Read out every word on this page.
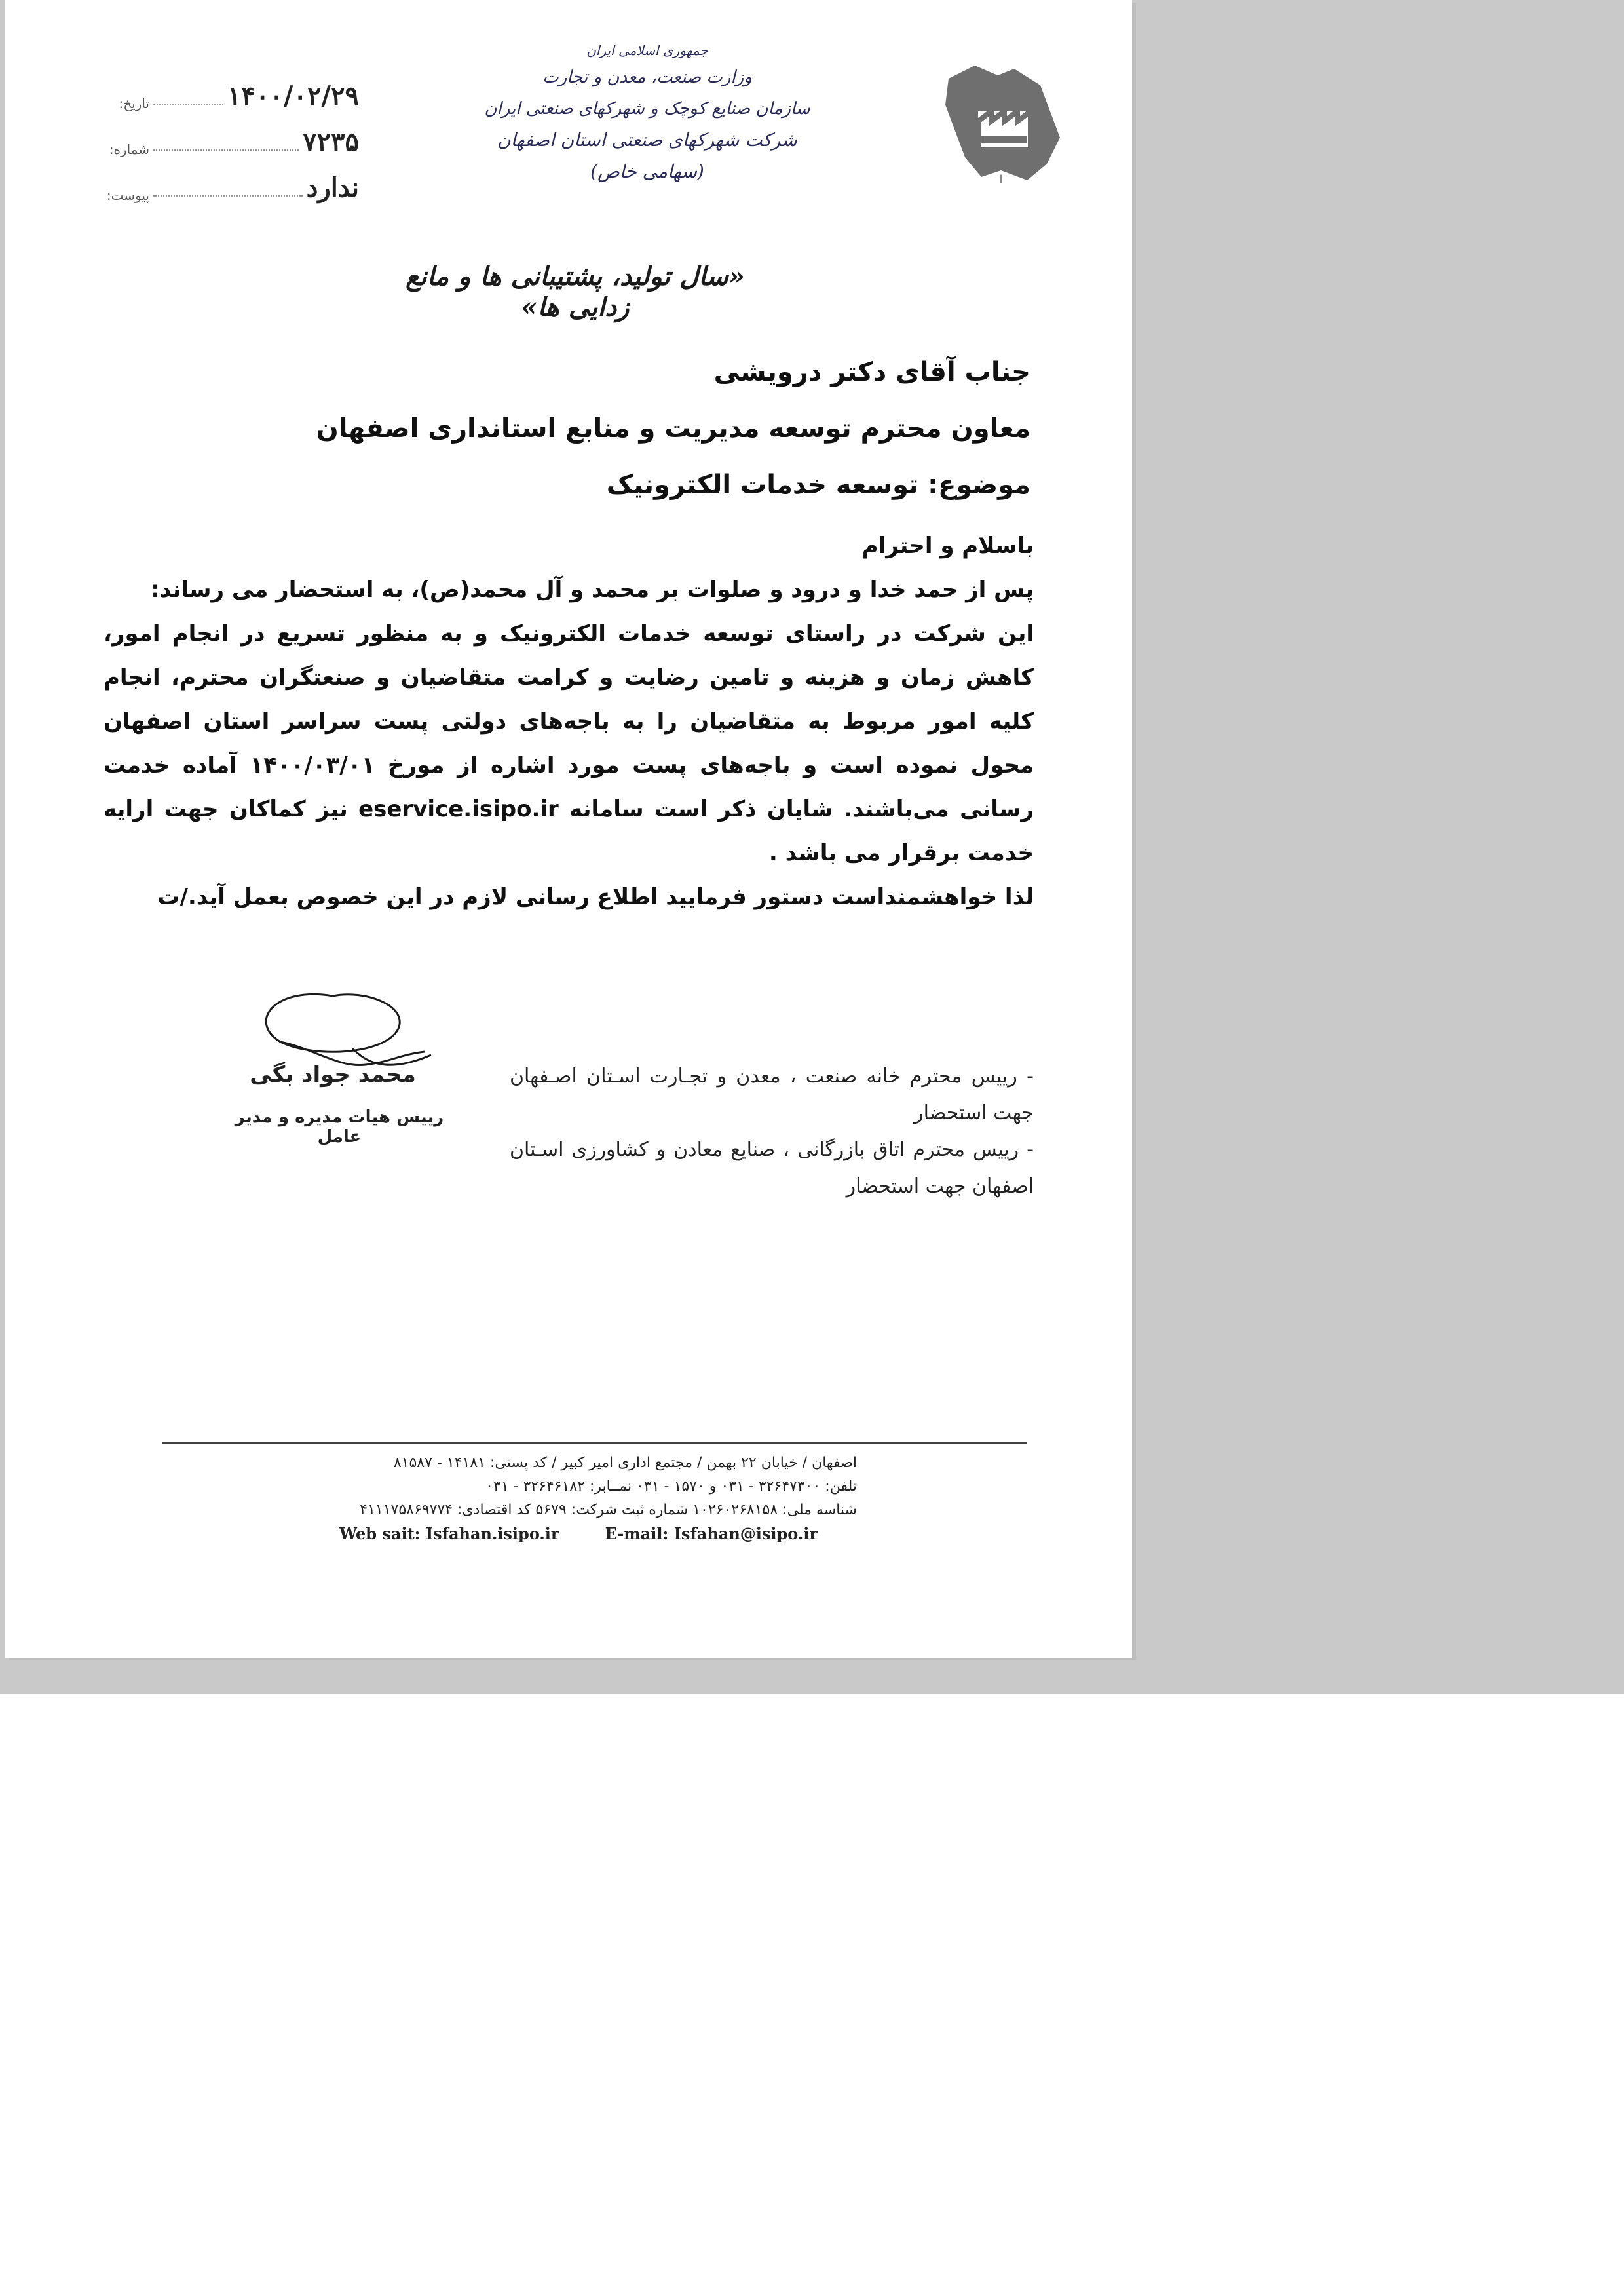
ا
جمهوری اسلامی ایران
وزارت صنعت، معدن و تجارت
سازمان صنایع کوچک و شهرکهای صنعتی ایران
شرکت شهرکهای صنعتی استان اصفهان (سهامی خاص)
تاریخ:	۱۴۰۰/۰۲/۲۹
شماره:	۷۲۳۵
پیوست:	ندارد
«سال تولید، پشتیبانی ها و مانع زدایی ها»
جناب آقای دکتر درویشی
معاون محترم توسعه مدیریت و منابع استانداری اصفهان
موضوع: توسعه خدمات الکترونیک
باسلام و احترام
پس از حمد خدا و درود و صلوات بر محمد و آل محمد(ص)، به استحضار می رساند:
این شرکت در راستای توسعه خدمات الکترونیک و به منظور تسریع در انجام امور، کاهش زمان و هزینه و تامین رضایت و کرامت متقاضیان و صنعتگران محترم، انجام کلیه امور مربوط به متقاضیان را به باجه‌های دولتی پست سراسر استان اصفهان محول نموده است و باجه‌های پست مورد اشاره از مورخ ۱۴۰۰/۰۳/۰۱ آماده خدمت رسانی می‌باشند. شایان ذکر است سامانه eservice.isipo.ir نیز کماکان جهت ارایه خدمت برقرار می باشد .
لذا خواهشمنداست دستور فرمایید اطلاع رسانی لازم در این خصوص بعمل آید./ت
محمد جواد بگی
رییس هیات مدیره و مدیر عامل
- رییس محترم خانه صنعت ، معدن و تجـارت اسـتان اصـفهان جهت استحضار
- رییس محترم اتاق بازرگانی ، صنایع معادن و کشاورزی اسـتان اصفهان جهت استحضار
اصفهان / خیابان ۲۲ بهمن / مجتمع اداری امیر کبیر / کد پستی: ۱۴۱۸۱ - ۸۱۵۸۷
تلفن: ۳۲۶۴۷۳۰۰ - ۰۳۱ و ۱۵۷۰ - ۰۳۱ نمــابر: ۳۲۶۴۶۱۸۲ - ۰۳۱
شناسه ملی: ۱۰۲۶۰۲۶۸۱۵۸ شماره ثبت شرکت: ۵۶۷۹ کد اقتصادی: ۴۱۱۱۷۵۸۶۹۷۷۴
Web sait: Isfahan.isipo.ir	E-mail: Isfahan@isipo.ir
